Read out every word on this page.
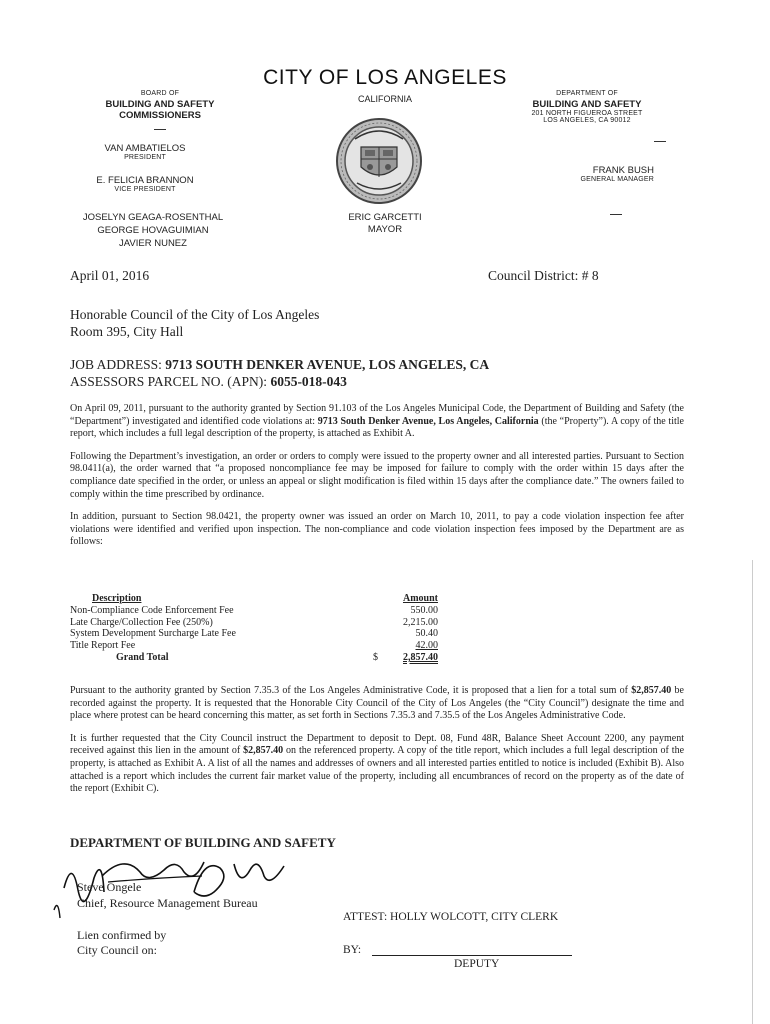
CITY OF LOS ANGELES
CALIFORNIA
BOARD OF
BUILDING AND SAFETY
COMMISSIONERS
VAN AMBATIELOS
PRESIDENT
E. FELICIA BRANNON
VICE PRESIDENT
JOSELYN GEAGA-ROSENTHAL
GEORGE HOVAGUIMIAN
JAVIER NUNEZ
ERIC GARCETTI
MAYOR
DEPARTMENT OF
BUILDING AND SAFETY
201 NORTH FIGUEROA STREET
LOS ANGELES, CA 90012
FRANK BUSH
GENERAL MANAGER
April 01, 2016	Council District: # 8
Honorable Council of the City of Los Angeles
Room 395, City Hall
JOB ADDRESS: 9713 SOUTH DENKER AVENUE, LOS ANGELES, CA
ASSESSORS PARCEL NO. (APN): 6055-018-043

On April 09, 2011, pursuant to the authority granted by Section 91.103 of the Los Angeles Municipal Code, the Department of Building and Safety (the “Department”) investigated and identified code violations at: 9713 South Denker Avenue, Los Angeles, California (the “Property”). A copy of the title report, which includes a full legal description of the property, is attached as Exhibit A.

Following the Department’s investigation, an order or orders to comply were issued to the property owner and all interested parties. Pursuant to Section 98.0411(a), the order warned that “a proposed noncompliance fee may be imposed for failure to comply with the order within 15 days after the compliance date specified in the order, or unless an appeal or slight modification is filed within 15 days after the compliance date.” The owners failed to comply within the time prescribed by ordinance.

In addition, pursuant to Section 98.0421, the property owner was issued an order on March 10, 2011, to pay a code violation inspection fee after violations were identified and verified upon inspection. The non-compliance and code violation inspection fees imposed by the Department are as follows:

Description		Amount
Non-Compliance Code Enforcement Fee		550.00
Late Charge/Collection Fee (250%)		2,215.00
System Development Surcharge Late Fee		50.40
Title Report Fee		42.00
Grand Total	$	2,857.40

Pursuant to the authority granted by Section 7.35.3 of the Los Angeles Administrative Code, it is proposed that a lien for a total sum of $2,857.40 be recorded against the property. It is requested that the Honorable City Council of the City of Los Angeles (the “City Council”) designate the time and place where protest can be heard concerning this matter, as set forth in Sections 7.35.3 and 7.35.5 of the Los Angeles Administrative Code.

It is further requested that the City Council instruct the Department to deposit to Dept. 08, Fund 48R, Balance Sheet Account 2200, any payment received against this lien in the amount of $2,857.40 on the referenced property. A copy of the title report, which includes a full legal description of the property, is attached as Exhibit A. A list of all the names and addresses of owners and all interested parties entitled to notice is included (Exhibit B). Also attached is a report which includes the current fair market value of the property, including all encumbrances of record on the property as of the date of the report (Exhibit C).

DEPARTMENT OF BUILDING AND SAFETY
Steve Ongele
Chief, Resource Management Bureau
ATTEST: HOLLY WOLCOTT, CITY CLERK
Lien confirmed by
City Council on:	BY:
DEPUTY
